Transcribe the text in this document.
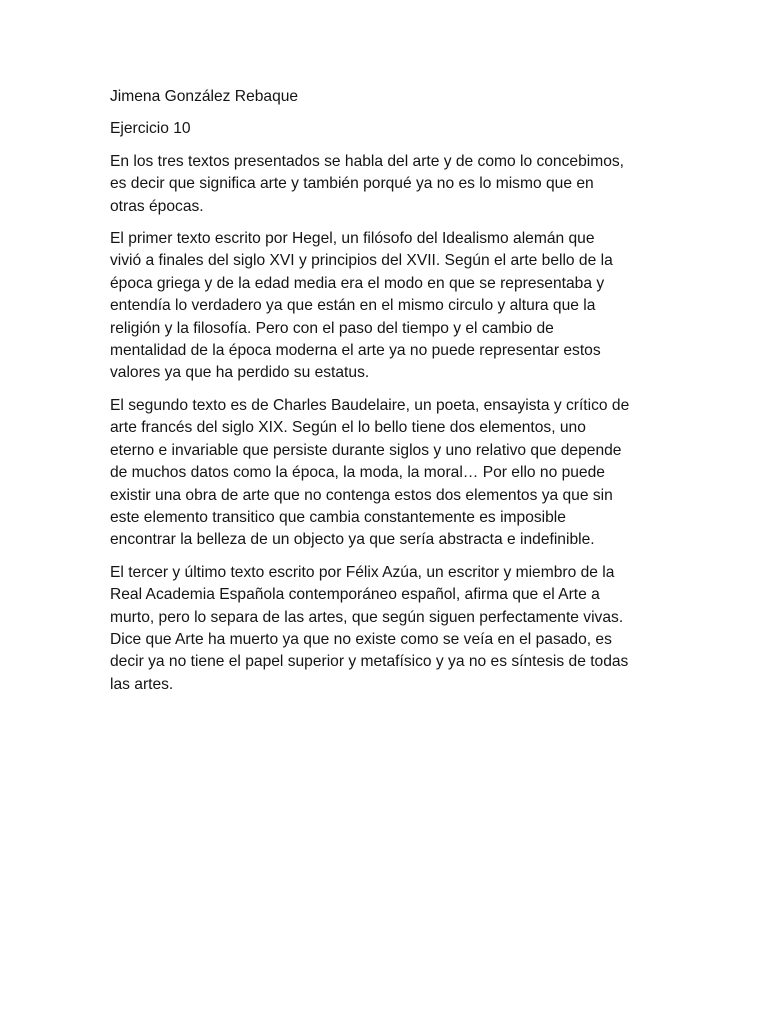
Jimena González Rebaque

Ejercicio 10

En los tres textos presentados se habla del arte y de como lo concebimos,
es decir que significa arte y también porqué ya no es lo mismo que en
otras épocas.

El primer texto escrito por Hegel, un filósofo del Idealismo alemán que
vivió a finales del siglo XVI y principios del XVII. Según el arte bello de la
época griega y de la edad media era el modo en que se representaba y
entendía lo verdadero ya que están en el mismo circulo y altura que la
religión y la filosofía. Pero con el paso del tiempo y el cambio de
mentalidad de la época moderna el arte ya no puede representar estos
valores ya que ha perdido su estatus.

El segundo texto es de Charles Baudelaire, un poeta, ensayista y crítico de
arte francés del siglo XIX. Según el lo bello tiene dos elementos, uno
eterno e invariable que persiste durante siglos y uno relativo que depende
de muchos datos como la época, la moda, la moral… Por ello no puede
existir una obra de arte que no contenga estos dos elementos ya que sin
este elemento transitico que cambia constantemente es imposible
encontrar la belleza de un objecto ya que sería abstracta e indefinible.

El tercer y último texto escrito por Félix Azúa, un escritor y miembro de la
Real Academia Española contemporáneo español, afirma que el Arte a
murto, pero lo separa de las artes, que según siguen perfectamente vivas.
Dice que Arte ha muerto ya que no existe como se veía en el pasado, es
decir ya no tiene el papel superior y metafísico y ya no es síntesis de todas
las artes.
